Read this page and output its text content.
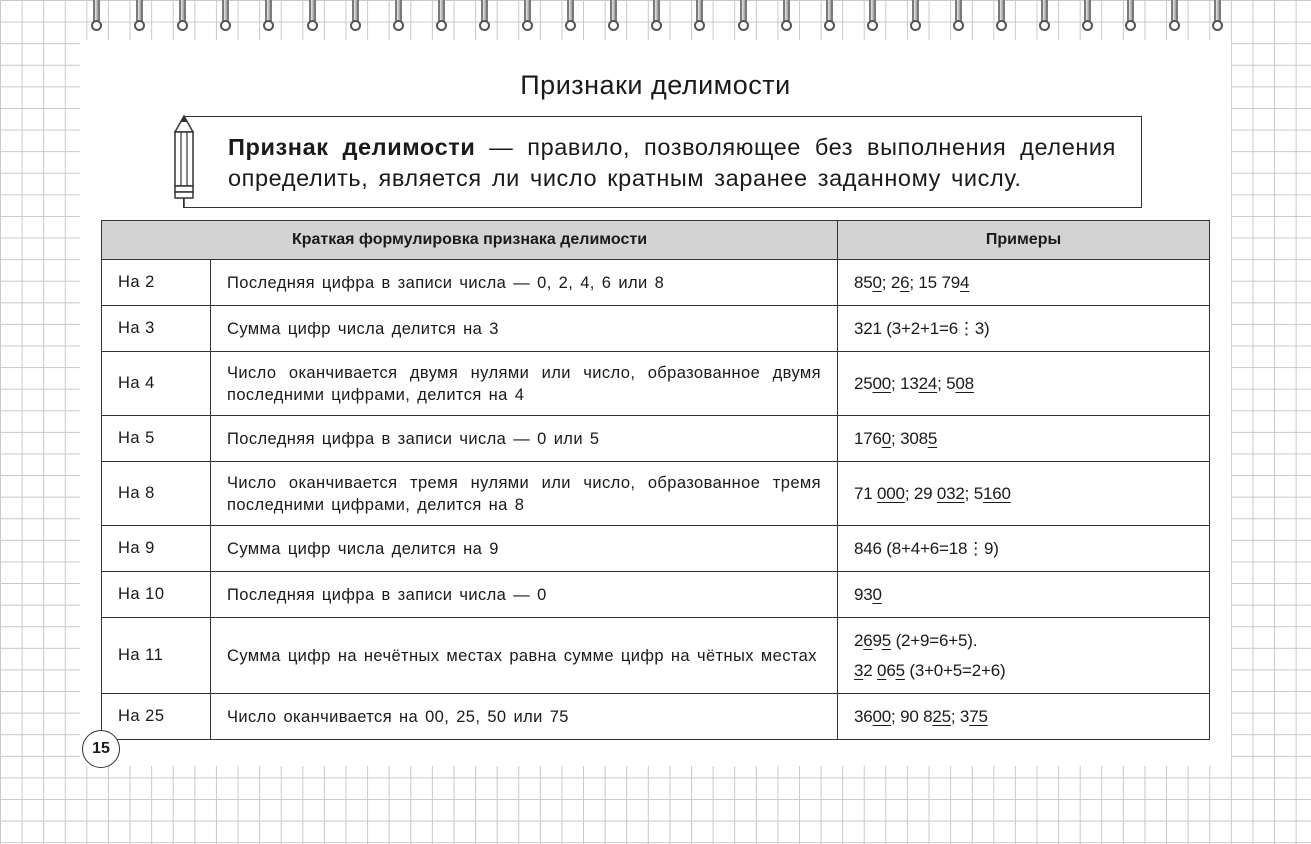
Признаки делимости
Признак делимости — правило, позволяющее без выполнения деления определить, является ли число кратным заранее заданному числу.
Краткая формулировка признака делимости		Примеры
На 2	Последняя цифра в записи числа — 0, 2, 4, 6 или 8	850; 26; 15 794

На 3	Сумма цифр числа делится на 3	321 (3+2+1=6⋮3)

На 4	Число оканчивается двумя нулями или число, образованное двумя последними цифрами, делится на 4	2500; 1324; 508

На 5	Последняя цифра в записи числа — 0 или 5	1760; 3085

На 8	Число оканчивается тремя нулями или число, образованное тремя последними цифрами, делится на 8	71 000; 29 032; 5160

На 9	Сумма цифр числа делится на 9	846 (8+4+6=18⋮9)

На 10	Последняя цифра в записи числа — 0	930

На 11	Сумма цифр на нечётных местах равна сумме цифр на чётных местах	2695 (2+9=6+5).
32 065 (3+0+5=2+6)

На 25	Число оканчивается на 00, 25, 50 или 75	3600; 90 825; 375
15
